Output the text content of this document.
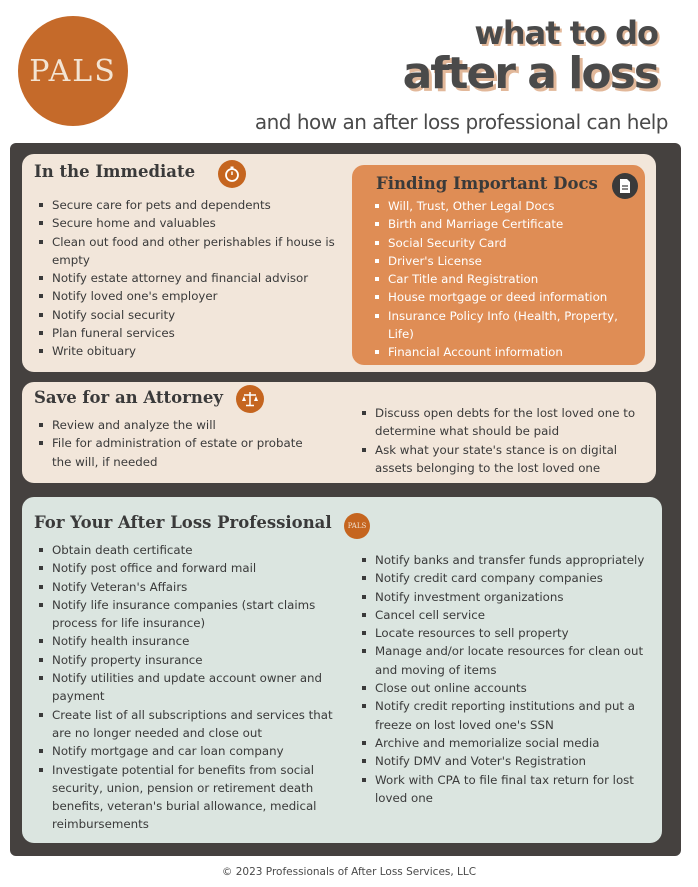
PALS
what to do
after a loss
and how an after loss professional can help
In the Immediate
Secure care for pets and dependents
Secure home and valuables
Clean out food and other perishables if house is empty
Notify estate attorney and financial advisor
Notify loved one's employer
Notify social security
Plan funeral services
Write obituary
Finding Important Docs
Will, Trust, Other Legal Docs
Birth and Marriage Certificate
Social Security Card
Driver's License
Car Title and Registration
House mortgage or deed information
Insurance Policy Info (Health, Property, Life)
Financial Account information
Save for an Attorney
Review and analyze the will
File for administration of estate or probate the will, if needed
Discuss open debts for the lost loved one to determine what should be paid
Ask what your state's stance is on digital assets belonging to the lost loved one
For Your After Loss Professional PALS
Obtain death certificate
Notify post office and forward mail
Notify Veteran's Affairs
Notify life insurance companies (start claims process for life insurance)
Notify health insurance
Notify property insurance
Notify utilities and update account owner and payment
Create list of all subscriptions and services that are no longer needed and close out
Notify mortgage and car loan company
Investigate potential for benefits from social security, union, pension or retirement death benefits, veteran's burial allowance, medical reimbursements
Notify banks and transfer funds appropriately
Notify credit card company companies
Notify investment organizations
Cancel cell service
Locate resources to sell property
Manage and/or locate resources for clean out and moving of items
Close out online accounts
Notify credit reporting institutions and put a freeze on lost loved one's SSN
Archive and memorialize social media
Notify DMV and Voter's Registration
Work with CPA to file final tax return for lost loved one
© 2023 Professionals of After Loss Services, LLC
